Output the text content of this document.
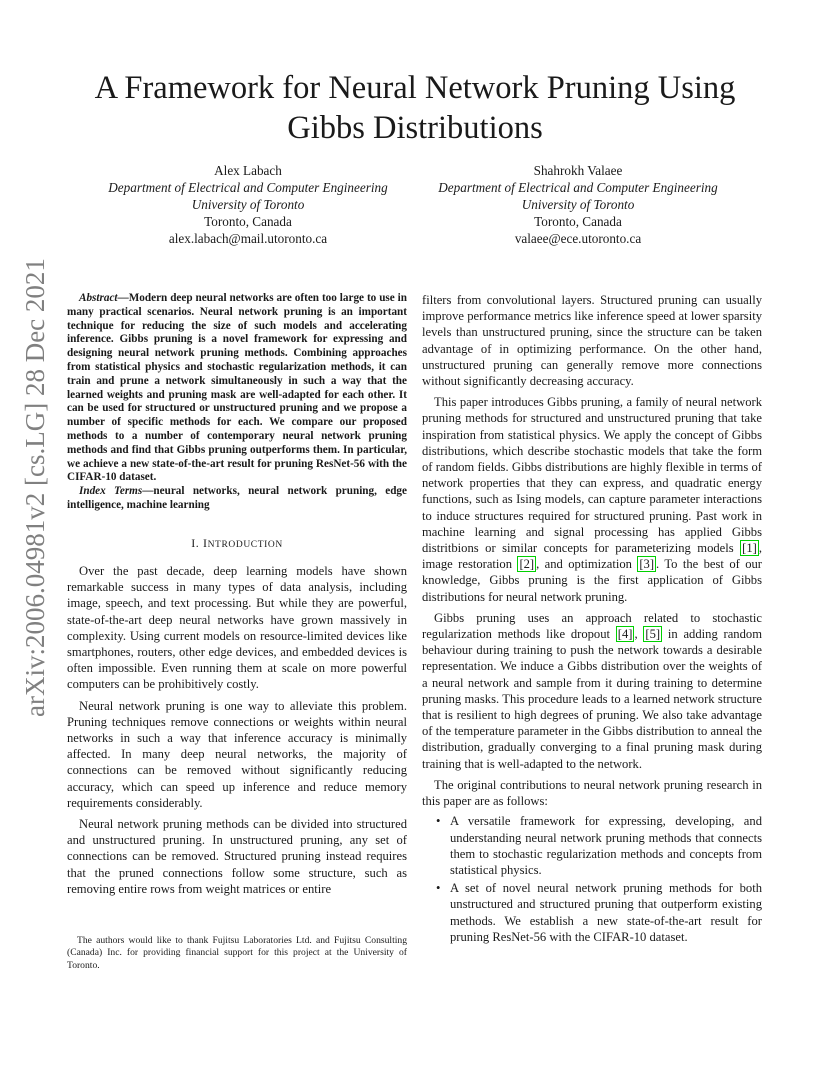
arXiv:2006.04981v2 [cs.LG] 28 Dec 2021
A Framework for Neural Network Pruning Using Gibbs Distributions
Alex Labach
Department of Electrical and Computer Engineering
University of Toronto
Toronto, Canada
alex.labach@mail.utoronto.ca
Shahrokh Valaee
Department of Electrical and Computer Engineering
University of Toronto
Toronto, Canada
valaee@ece.utoronto.ca

Abstract—Modern deep neural networks are often too large to use in many practical scenarios. Neural network pruning is an important technique for reducing the size of such models and accelerating inference. Gibbs pruning is a novel framework for expressing and designing neural network pruning methods. Combining approaches from statistical physics and stochastic regularization methods, it can train and prune a network simultaneously in such a way that the learned weights and pruning mask are well-adapted for each other. It can be used for structured or unstructured pruning and we propose a number of specific methods for each. We compare our proposed methods to a number of contemporary neural network pruning methods and find that Gibbs pruning outperforms them. In particular, we achieve a new state-of-the-art result for pruning ResNet-56 with the CIFAR-10 dataset.

Index Terms—neural networks, neural network pruning, edge intelligence, machine learning

I. INTRODUCTION

Over the past decade, deep learning models have shown remarkable success in many types of data analysis, including image, speech, and text processing. But while they are powerful, state-of-the-art deep neural networks have grown massively in complexity. Using current models on resource-limited devices like smartphones, routers, other edge devices, and embedded devices is often impossible. Even running them at scale on more powerful computers can be prohibitively costly.

Neural network pruning is one way to alleviate this problem. Pruning techniques remove connections or weights within neural networks in such a way that inference accuracy is minimally affected. In many deep neural networks, the majority of connections can be removed without significantly reducing accuracy, which can speed up inference and reduce memory requirements considerably.

Neural network pruning methods can be divided into structured and unstructured pruning. In unstructured pruning, any set of connections can be removed. Structured pruning instead requires that the pruned connections follow some structure, such as removing entire rows from weight matrices or entire

The authors would like to thank Fujitsu Laboratories Ltd. and Fujitsu Consulting (Canada) Inc. for providing financial support for this project at the University of Toronto.

filters from convolutional layers. Structured pruning can usually improve performance metrics like inference speed at lower sparsity levels than unstructured pruning, since the structure can be taken advantage of in optimizing performance. On the other hand, unstructured pruning can generally remove more connections without significantly decreasing accuracy.

This paper introduces Gibbs pruning, a family of neural network pruning methods for structured and unstructured pruning that take inspiration from statistical physics. We apply the concept of Gibbs distributions, which describe stochastic models that take the form of random fields. Gibbs distributions are highly flexible in terms of network properties that they can express, and quadratic energy functions, such as Ising models, can capture parameter interactions to induce structures required for structured pruning. Past work in machine learning and signal processing has applied Gibbs distritbions or similar concepts for parameterizing models [1] , image restoration [2] , and optimization [3] . To the best of our knowledge, Gibbs pruning is the first application of Gibbs distributions for neural network pruning.

Gibbs pruning uses an approach related to stochastic regularization methods like dropout [4] , [5] in adding random behaviour during training to push the network towards a desirable representation. We induce a Gibbs distribution over the weights of a neural network and sample from it during training to determine pruning masks. This procedure leads to a learned network structure that is resilient to high degrees of pruning. We also take advantage of the temperature parameter in the Gibbs distribution to anneal the distribution, gradually converging to a final pruning mask during training that is well-adapted to the network.

The original contributions to neural network pruning research in this paper are as follows:

• A versatile framework for expressing, developing, and understanding neural network pruning methods that connects them to stochastic regularization methods and concepts from statistical physics.
• A set of novel neural network pruning methods for both unstructured and structured pruning that outperform existing methods. We establish a new state-of-the-art result for pruning ResNet-56 with the CIFAR-10 dataset.
